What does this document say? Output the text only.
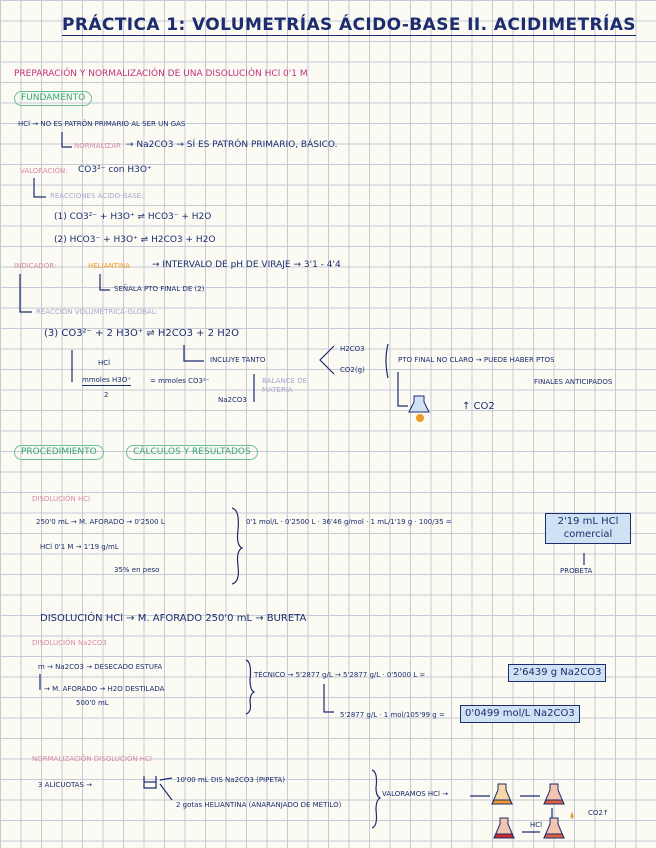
PRÁCTICA 1: VOLUMETRÍAS ÁCIDO-BASE II. ACIDIMETRÍAS
PREPARACIÓN Y NORMALIZACIÓN DE UNA DISOLUCIÓN HCl 0'1 M
FUNDAMENTO
HCl → NO ES PATRÓN PRIMARIO AL SER UN GAS
NORMALIZAR → Na2CO3 → SÍ ES PATRÓN PRIMARIO, BÁSICO.
VALORACIÓN: CO3²⁻ con H3O⁺
REACCIONES ÁCIDO-BASE:
(1) CO3²⁻ + H3O⁺ ⇌ HCO3⁻ + H2O
(2) HCO3⁻ + H3O⁺ ⇌ H2CO3 + H2O
INDICADOR:	HELIANTINA → INTERVALO DE pH DE VIRAJE → 3'1 - 4'4
SEÑALA PTO FINAL DE (2)
REACCIÓN VOLUMÉTRICA-GLOBAL:
(3) CO3²⁻ + 2 H3O⁺ ⇌ H2CO3 + 2 H2O
INCLUYE TANTO
H2CO3
CO2(g)
PTO FINAL NO CLARO → PUEDE HABER PTOS
FINALES ANTICIPADOS
↑ CO2
HCl
mmoles H3O⁺
2
= mmoles CO3²⁻
Na2CO3
BALANCE DE MATERIA
PROCEDIMIENTO	CÁLCULOS Y RESULTADOS
DISOLUCIÓN HCl
250'0 mL → M. AFORADO → 0'2500 L
HCl 0'1 M → 1'19 g/mL
35% en peso
0'1 mol/L · 0'2500 L · 36'46 g/mol · 1 mL/1'19 g · 100/35 =	2'19 mL HCl comercial
PROBETA
DISOLUCIÓN HCl → M. AFORADO 250'0 mL → BURETA
DISOLUCIÓN Na2CO3
m → Na2CO3 → DESECADO ESTUFA
→ M. AFORADO → H2O DESTILADA
500'0 mL
TÉCNICO → 5'2877 g/L → 5'2877 g/L · 0'5000 L =	2'6439 g Na2CO3
5'2877 g/L · 1 mol/105'99 g =	0'0499 mol/L Na2CO3
NORMALIZACIÓN DISOLUCIÓN HCl
3 ALÍCUOTAS →
10'00 mL DIS Na2CO3 (PIPETA)
2 gotas HELIANTINA (ANARANJADO DE METILO)
VALORAMOS HCl →
HCl
CO2↑
